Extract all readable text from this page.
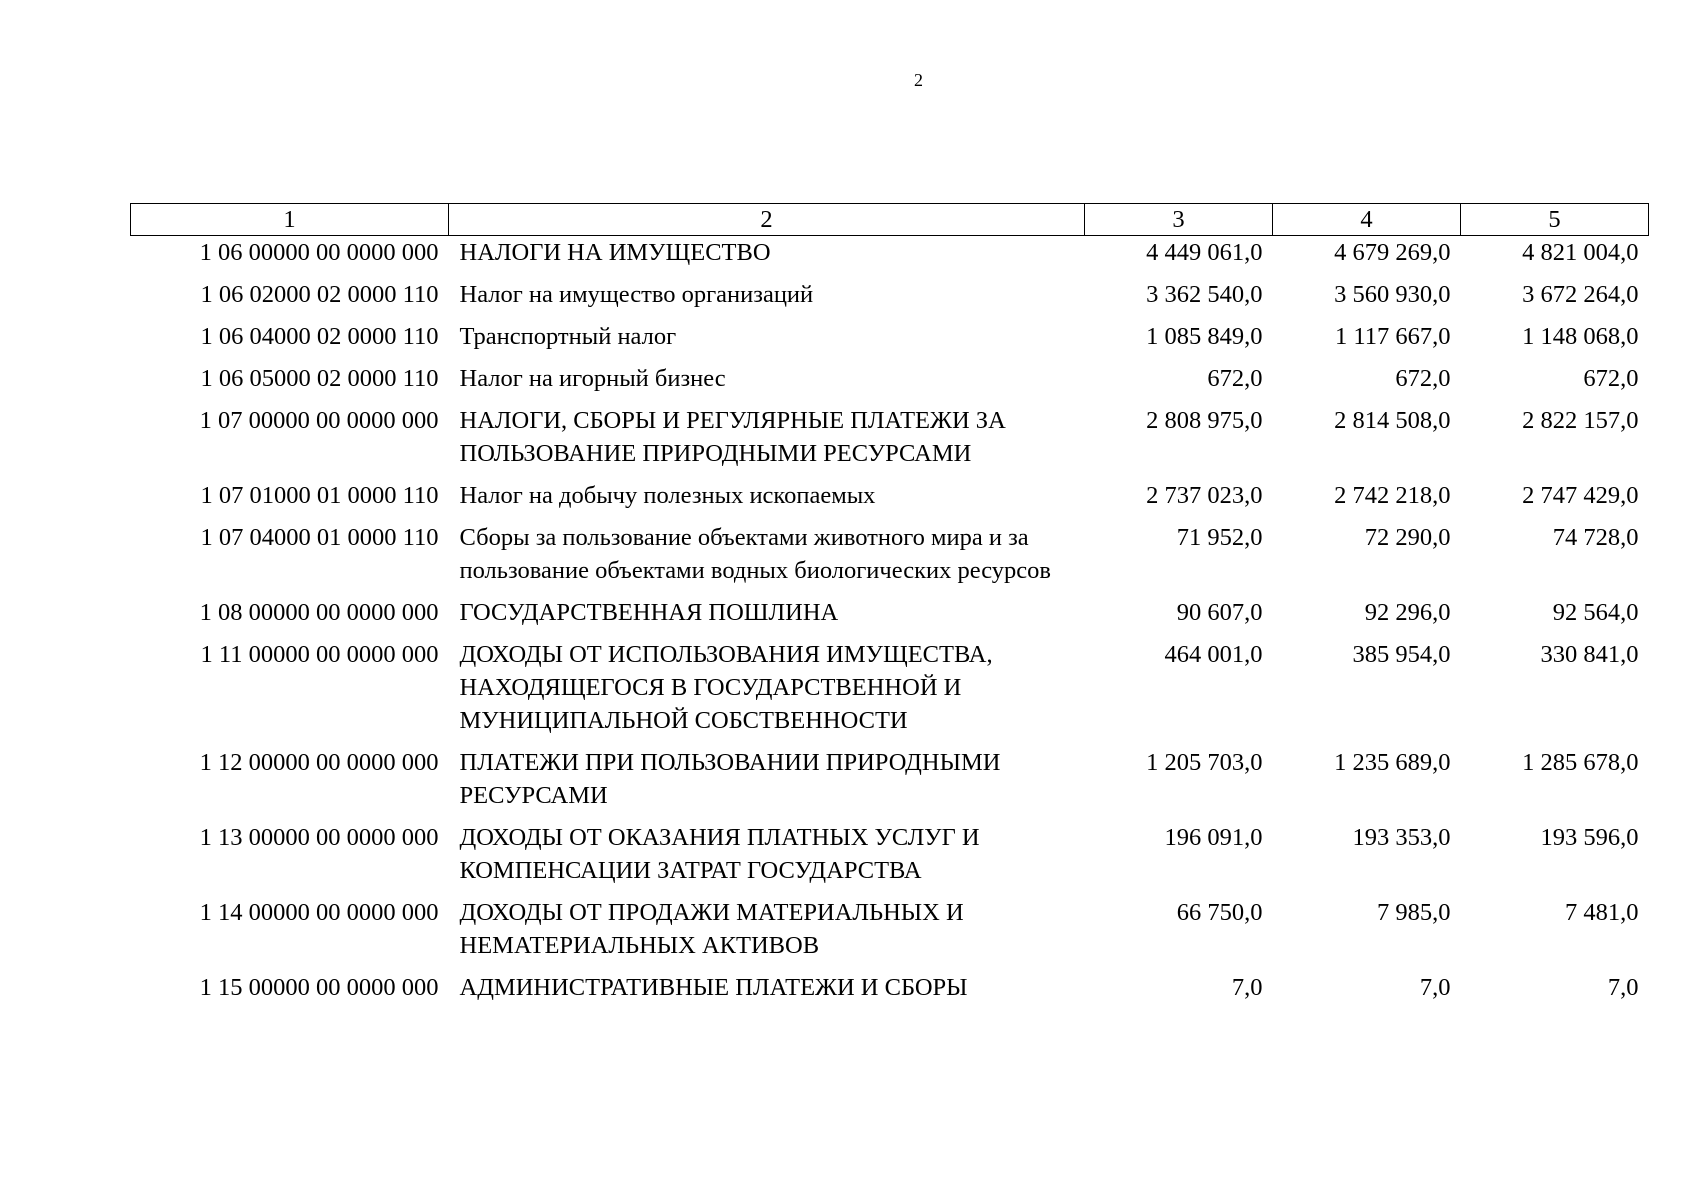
2
1	2	3	4	5
1 06 00000 00 0000 000	НАЛОГИ НА ИМУЩЕСТВО	4 449 061,0	4 679 269,0	4 821 004,0
1 06 02000 02 0000 110	Налог на имущество организаций	3 362 540,0	3 560 930,0	3 672 264,0
1 06 04000 02 0000 110	Транспортный налог	1 085 849,0	1 117 667,0	1 148 068,0
1 06 05000 02 0000 110	Налог на игорный бизнес	672,0	672,0	672,0
1 07 00000 00 0000 000	НАЛОГИ, СБОРЫ И РЕГУЛЯРНЫЕ ПЛАТЕЖИ ЗА ПОЛЬЗОВАНИЕ ПРИРОДНЫМИ РЕСУРСАМИ	2 808 975,0	2 814 508,0	2 822 157,0
1 07 01000 01 0000 110	Налог на добычу полезных ископаемых	2 737 023,0	2 742 218,0	2 747 429,0
1 07 04000 01 0000 110	Сборы за пользование объектами животного мира и за пользование объектами водных биологических ресурсов	71 952,0	72 290,0	74 728,0
1 08 00000 00 0000 000	ГОСУДАРСТВЕННАЯ ПОШЛИНА	90 607,0	92 296,0	92 564,0
1 11 00000 00 0000 000	ДОХОДЫ ОТ ИСПОЛЬЗОВАНИЯ ИМУЩЕСТВА, НАХОДЯЩЕГОСЯ В ГОСУДАРСТВЕННОЙ И МУНИЦИПАЛЬНОЙ СОБСТВЕННОСТИ	464 001,0	385 954,0	330 841,0
1 12 00000 00 0000 000	ПЛАТЕЖИ ПРИ ПОЛЬЗОВАНИИ ПРИРОДНЫМИ РЕСУРСАМИ	1 205 703,0	1 235 689,0	1 285 678,0
1 13 00000 00 0000 000	ДОХОДЫ ОТ ОКАЗАНИЯ ПЛАТНЫХ УСЛУГ И КОМПЕНСАЦИИ ЗАТРАТ ГОСУДАРСТВА	196 091,0	193 353,0	193 596,0
1 14 00000 00 0000 000	ДОХОДЫ ОТ ПРОДАЖИ МАТЕРИАЛЬНЫХ И НЕМАТЕРИАЛЬНЫХ АКТИВОВ	66 750,0	7 985,0	7 481,0
1 15 00000 00 0000 000	АДМИНИСТРАТИВНЫЕ ПЛАТЕЖИ И СБОРЫ	7,0	7,0	7,0
